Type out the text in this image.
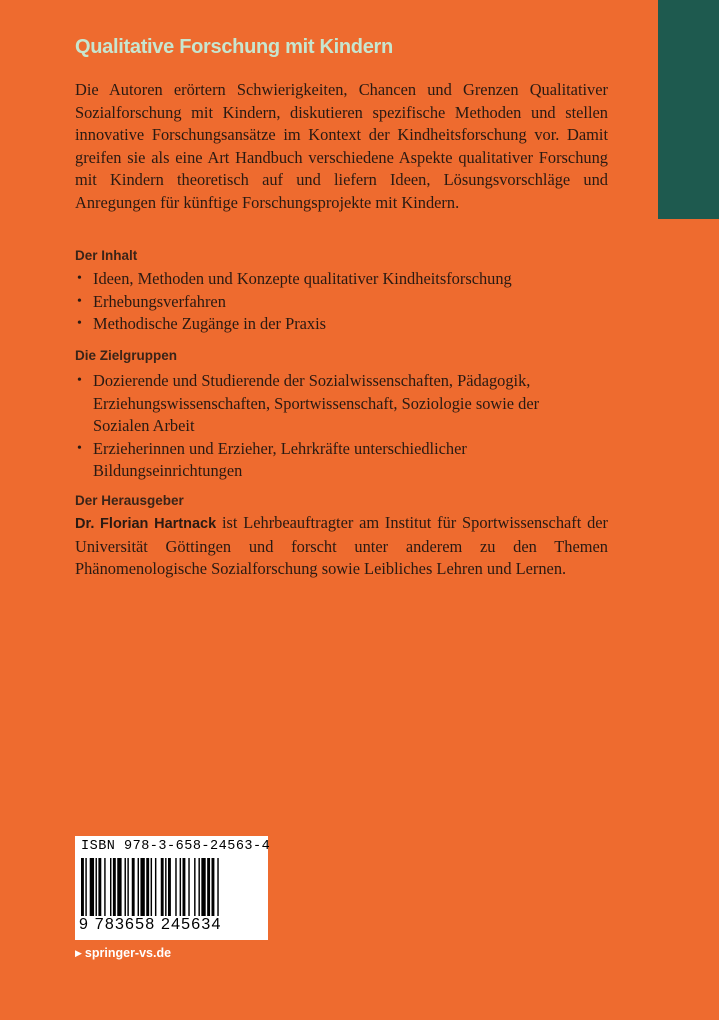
Qualitative Forschung mit Kindern

Die Autoren erörtern Schwierigkeiten, Chancen und Grenzen Qualitativer Sozialforschung mit Kindern, diskutieren spezifische Methoden und stellen innovative Forschungsansätze im Kontext der Kindheitsforschung vor. Damit greifen sie als eine Art Handbuch verschiedene Aspekte qualitativer Forschung mit Kindern theoretisch auf und liefern Ideen, Lösungsvorschläge und Anregungen für künftige Forschungsprojekte mit Kindern.

Der Inhalt
• Ideen, Methoden und Konzepte qualitativer Kindheitsforschung
• Erhebungsverfahren
• Methodische Zugänge in der Praxis
Die Zielgruppen
• Dozierende und Studierende der Sozialwissenschaften, Pädagogik, Erziehungswissenschaften, Sportwissenschaft, Soziologie sowie der Sozialen Arbeit
• Erzieherinnen und Erzieher, Lehrkräfte unterschiedlicher Bildungseinrichtungen
Der Herausgeber

Dr. Florian Hartnack ist Lehrbeauftragter am Institut für Sportwissenschaft der Universität Göttingen und forscht unter anderem zu den Themen Phänomenologische Sozialforschung sowie Leibliches Lehren und Lernen.

ISBN 978-3-658-24563-4
9 783658 245634
▶ springer-vs.de
